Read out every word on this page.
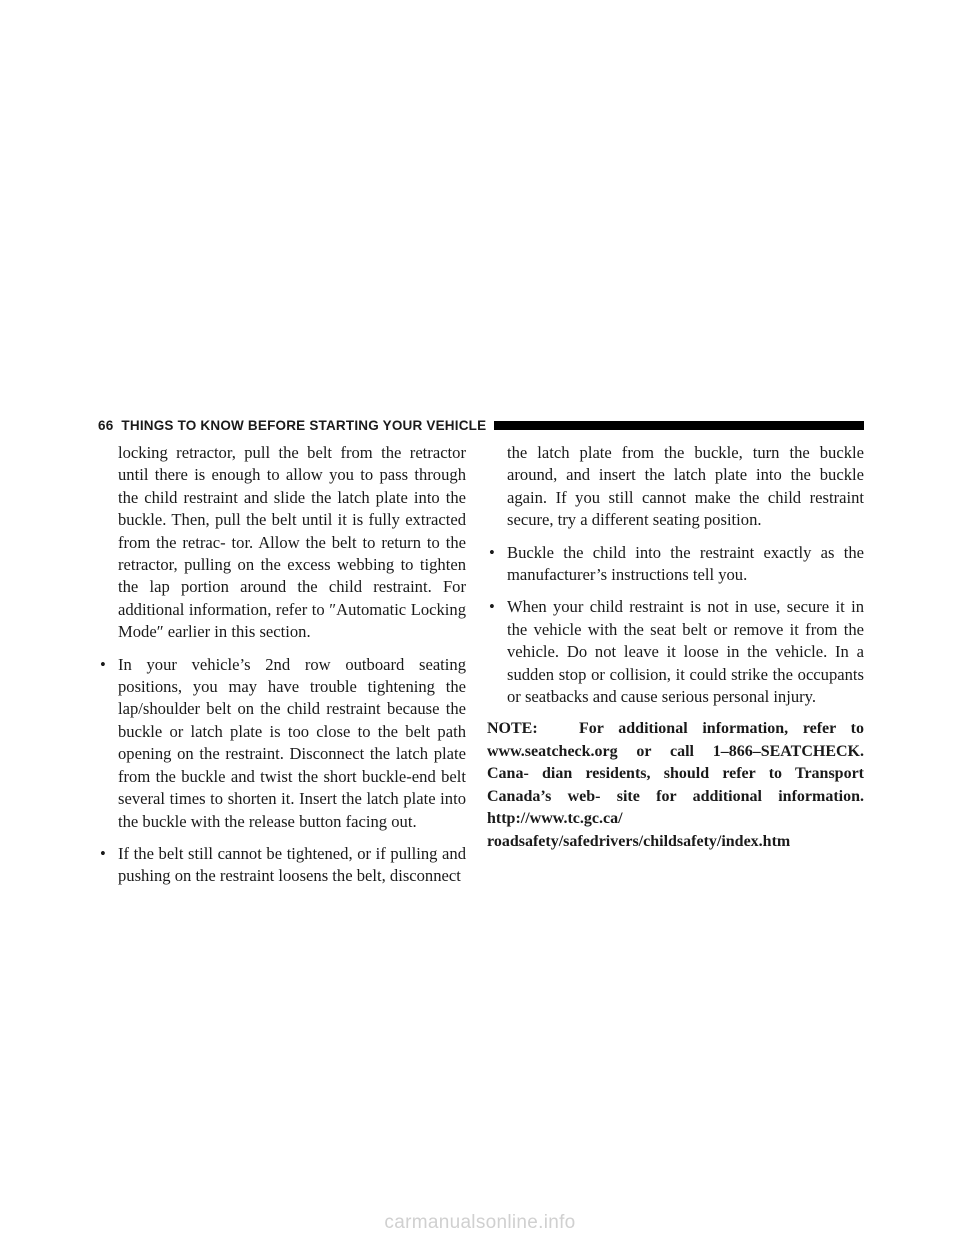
66 THINGS TO KNOW BEFORE STARTING YOUR VEHICLE

locking retractor, pull the belt from the retractor until there is enough to allow you to pass through the child restraint and slide the latch plate into the buckle. Then, pull the belt until it is fully extracted from the retrac- tor. Allow the belt to return to the retractor, pulling on the excess webbing to tighten the lap portion around the child restraint. For additional information, refer to ″Automatic Locking Mode″ earlier in this section.

• In your vehicle’s 2nd row outboard seating positions, you may have trouble tightening the lap/shoulder belt on the child restraint because the buckle or latch plate is too close to the belt path opening on the restraint. Disconnect the latch plate from the buckle and twist the short buckle-end belt several times to shorten it. Insert the latch plate into the buckle with the release button facing out.
• If the belt still cannot be tightened, or if pulling and pushing on the restraint loosens the belt, disconnect

the latch plate from the buckle, turn the buckle around, and insert the latch plate into the buckle again. If you still cannot make the child restraint secure, try a different seating position.

• Buckle the child into the restraint exactly as the manufacturer’s instructions tell you.
• When your child restraint is not in use, secure it in the vehicle with the seat belt or remove it from the vehicle. Do not leave it loose in the vehicle. In a sudden stop or collision, it could strike the occupants or seatbacks and cause serious personal injury.

NOTE:	For additional information, refer to www.seatcheck.org or call 1–866–SEATCHECK. Cana- dian residents, should refer to Transport Canada’s web- site for additional information. http://www.tc.gc.ca/ roadsafety/safedrivers/childsafety/index.htm

carmanualsonline.info
